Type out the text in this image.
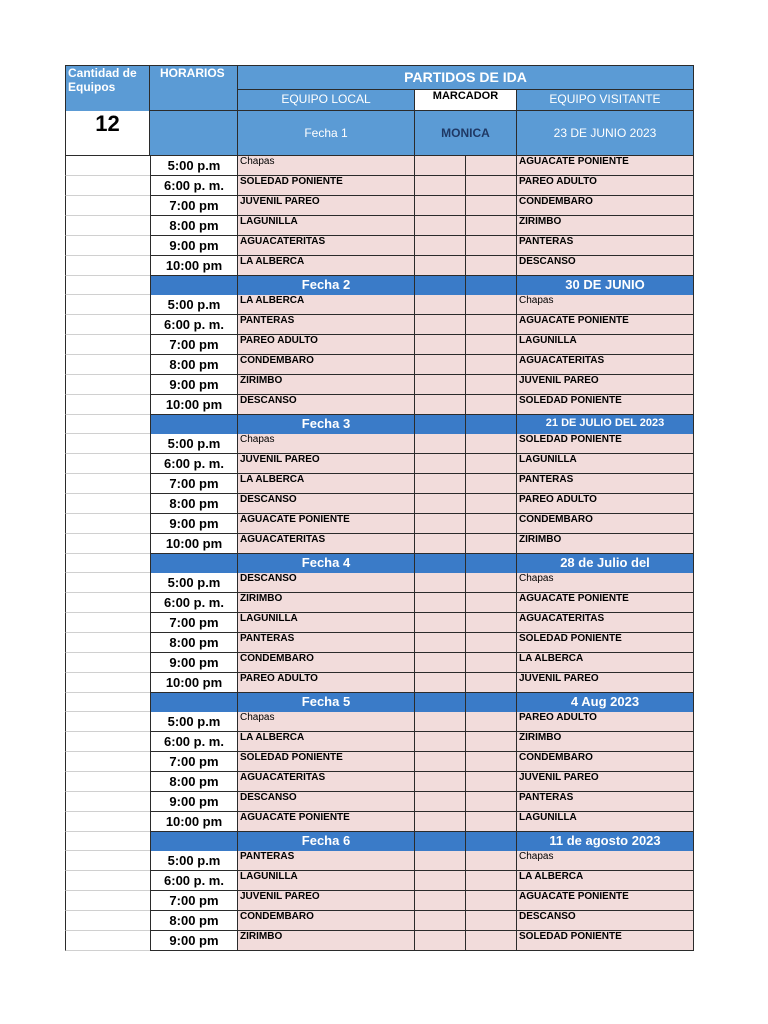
Cantidad de Equipos
HORARIOS	PARTIDOS DE IDA
EQUIPO LOCAL	MARCADOR	EQUIPO VISITANTE
12	Fecha 1	MONICA	23 DE JUNIO 2023
5:00 p.m	Chapas	AGUACATE PONIENTE
6:00 p. m.	SOLEDAD PONIENTE	PAREO ADULTO
7:00 pm	JUVENIL PAREO	CONDEMBARO
8:00 pm	LAGUNILLA	ZIRIMBO
9:00 pm	AGUACATERITAS	PANTERAS
10:00 pm	LA ALBERCA	DESCANSO
Fecha 2	30 DE JUNIO
5:00 p.m	LA ALBERCA	Chapas
6:00 p. m.	PANTERAS	AGUACATE PONIENTE
7:00 pm	PAREO ADULTO	LAGUNILLA
8:00 pm	CONDEMBARO	AGUACATERITAS
9:00 pm	ZIRIMBO	JUVENIL PAREO
10:00 pm	DESCANSO	SOLEDAD PONIENTE
Fecha 3	21 DE JULIO DEL 2023
5:00 p.m	Chapas	SOLEDAD PONIENTE
6:00 p. m.	JUVENIL PAREO	LAGUNILLA
7:00 pm	LA ALBERCA	PANTERAS
8:00 pm	DESCANSO	PAREO ADULTO
9:00 pm	AGUACATE PONIENTE	CONDEMBARO
10:00 pm	AGUACATERITAS	ZIRIMBO
Fecha 4	28 de Julio del
5:00 p.m	DESCANSO	Chapas
6:00 p. m.	ZIRIMBO	AGUACATE PONIENTE
7:00 pm	LAGUNILLA	AGUACATERITAS
8:00 pm	PANTERAS	SOLEDAD PONIENTE
9:00 pm	CONDEMBARO	LA ALBERCA
10:00 pm	PAREO ADULTO	JUVENIL PAREO
Fecha 5	4 Aug 2023
5:00 p.m	Chapas	PAREO ADULTO
6:00 p. m.	LA ALBERCA	ZIRIMBO
7:00 pm	SOLEDAD PONIENTE	CONDEMBARO
8:00 pm	AGUACATERITAS	JUVENIL PAREO
9:00 pm	DESCANSO	PANTERAS
10:00 pm	AGUACATE PONIENTE	LAGUNILLA
Fecha 6	11 de agosto 2023
5:00 p.m	PANTERAS	Chapas
6:00 p. m.	LAGUNILLA	LA ALBERCA
7:00 pm	JUVENIL PAREO	AGUACATE PONIENTE
8:00 pm	CONDEMBARO	DESCANSO
9:00 pm	ZIRIMBO	SOLEDAD PONIENTE
